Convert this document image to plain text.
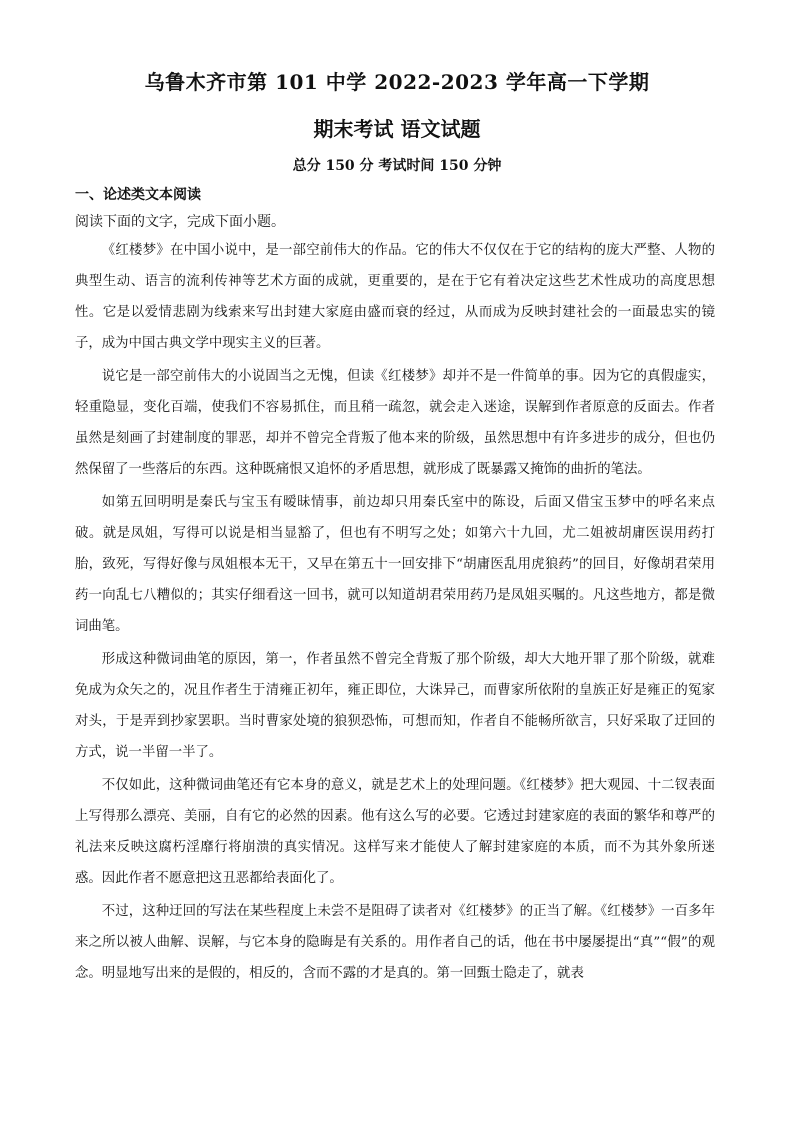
乌鲁木齐市第 101 中学 2022-2023 学年高一下学期
期末考试 语文试题
总分 150 分 考试时间 150 分钟
一、论述类文本阅读
阅读下面的文字，完成下面小题。

《红楼梦》在中国小说中，是一部空前伟大的作品。它的伟大不仅仅在于它的结构的庞大严整、人物的典型生动、语言的流利传神等艺术方面的成就，更重要的，是在于它有着决定这些艺术性成功的高度思想性。它是以爱情悲剧为线索来写出封建大家庭由盛而衰的经过，从而成为反映封建社会的一面最忠实的镜子，成为中国古典文学中现实主义的巨著。

说它是一部空前伟大的小说固当之无愧，但读《红楼梦》却并不是一件简单的事。因为它的真假虚实，轻重隐显，变化百端，使我们不容易抓住，而且稍一疏忽，就会走入迷途，误解到作者原意的反面去。作者虽然是刻画了封建制度的罪恶，却并不曾完全背叛了他本来的阶级，虽然思想中有许多进步的成分，但也仍然保留了一些落后的东西。这种既痛恨又追怀的矛盾思想，就形成了既暴露又掩饰的曲折的笔法。

如第五回明明是秦氏与宝玉有暧昧情事，前边却只用秦氏室中的陈设，后面又借宝玉梦中的呼名来点破。就是凤姐，写得可以说是相当显豁了，但也有不明写之处；如第六十九回，尤二姐被胡庸医误用药打胎，致死，写得好像与凤姐根本无干，又早在第五十一回安排下“胡庸医乱用虎狼药”的回目，好像胡君荣用药一向乱七八糟似的；其实仔细看这一回书，就可以知道胡君荣用药乃是凤姐买嘱的。凡这些地方，都是微词曲笔。

形成这种微词曲笔的原因，第一，作者虽然不曾完全背叛了那个阶级，却大大地开罪了那个阶级，就难免成为众矢之的，况且作者生于清雍正初年，雍正即位，大诛异己，而曹家所依附的皇族正好是雍正的冤家对头，于是弄到抄家罢职。当时曹家处境的狼狈恐怖，可想而知，作者自不能畅所欲言，只好采取了迂回的方式，说一半留一半了。

不仅如此，这种微词曲笔还有它本身的意义，就是艺术上的处理问题。《红楼梦》把大观园、十二钗表面上写得那么漂亮、美丽，自有它的必然的因素。他有这么写的必要。它透过封建家庭的表面的繁华和尊严的礼法来反映这腐朽淫靡行将崩溃的真实情况。这样写来才能使人了解封建家庭的本质，而不为其外象所迷惑。因此作者不愿意把这丑恶都给表面化了。

不过，这种迂回的写法在某些程度上未尝不是阻碍了读者对《红楼梦》的正当了解。《红楼梦》一百多年来之所以被人曲解、误解，与它本身的隐晦是有关系的。用作者自己的话，他在书中屡屡提出“真”“假”的观念。明显地写出来的是假的，相反的，含而不露的才是真的。第一回甄士隐走了，就表
